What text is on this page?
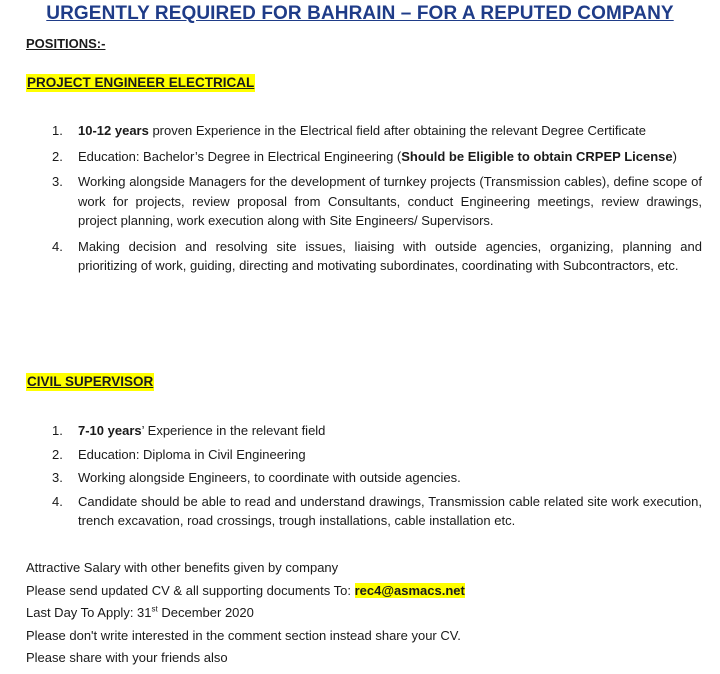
URGENTLY REQUIRED FOR BAHRAIN – FOR A REPUTED COMPANY
POSITIONS:-
PROJECT ENGINEER ELECTRICAL
1.	10-12 years proven Experience in the Electrical field after obtaining the relevant Degree Certificate
2.	Education: Bachelor’s Degree in Electrical Engineering (Should be Eligible to obtain CRPEP License)
3.	Working alongside Managers for the development of turnkey projects (Transmission cables), define scope of work for projects, review proposal from Consultants, conduct Engineering meetings, review drawings, project planning, work execution along with Site Engineers/ Supervisors.
4.	Making decision and resolving site issues, liaising with outside agencies, organizing, planning and prioritizing of work, guiding, directing and motivating subordinates, coordinating with Subcontractors, etc.
CIVIL SUPERVISOR
1.	7-10 years’ Experience in the relevant field
2.	Education: Diploma in Civil Engineering
3.	Working alongside Engineers, to coordinate with outside agencies.
4.	Candidate should be able to read and understand drawings, Transmission cable related site work execution, trench excavation, road crossings, trough installations, cable installation etc.
Attractive Salary with other benefits given by company
Please send updated CV & all supporting documents To: rec4@asmacs.net
Last Day To Apply: 31st December 2020
Please don't write interested in the comment section instead share your CV.
Please share with your friends also
